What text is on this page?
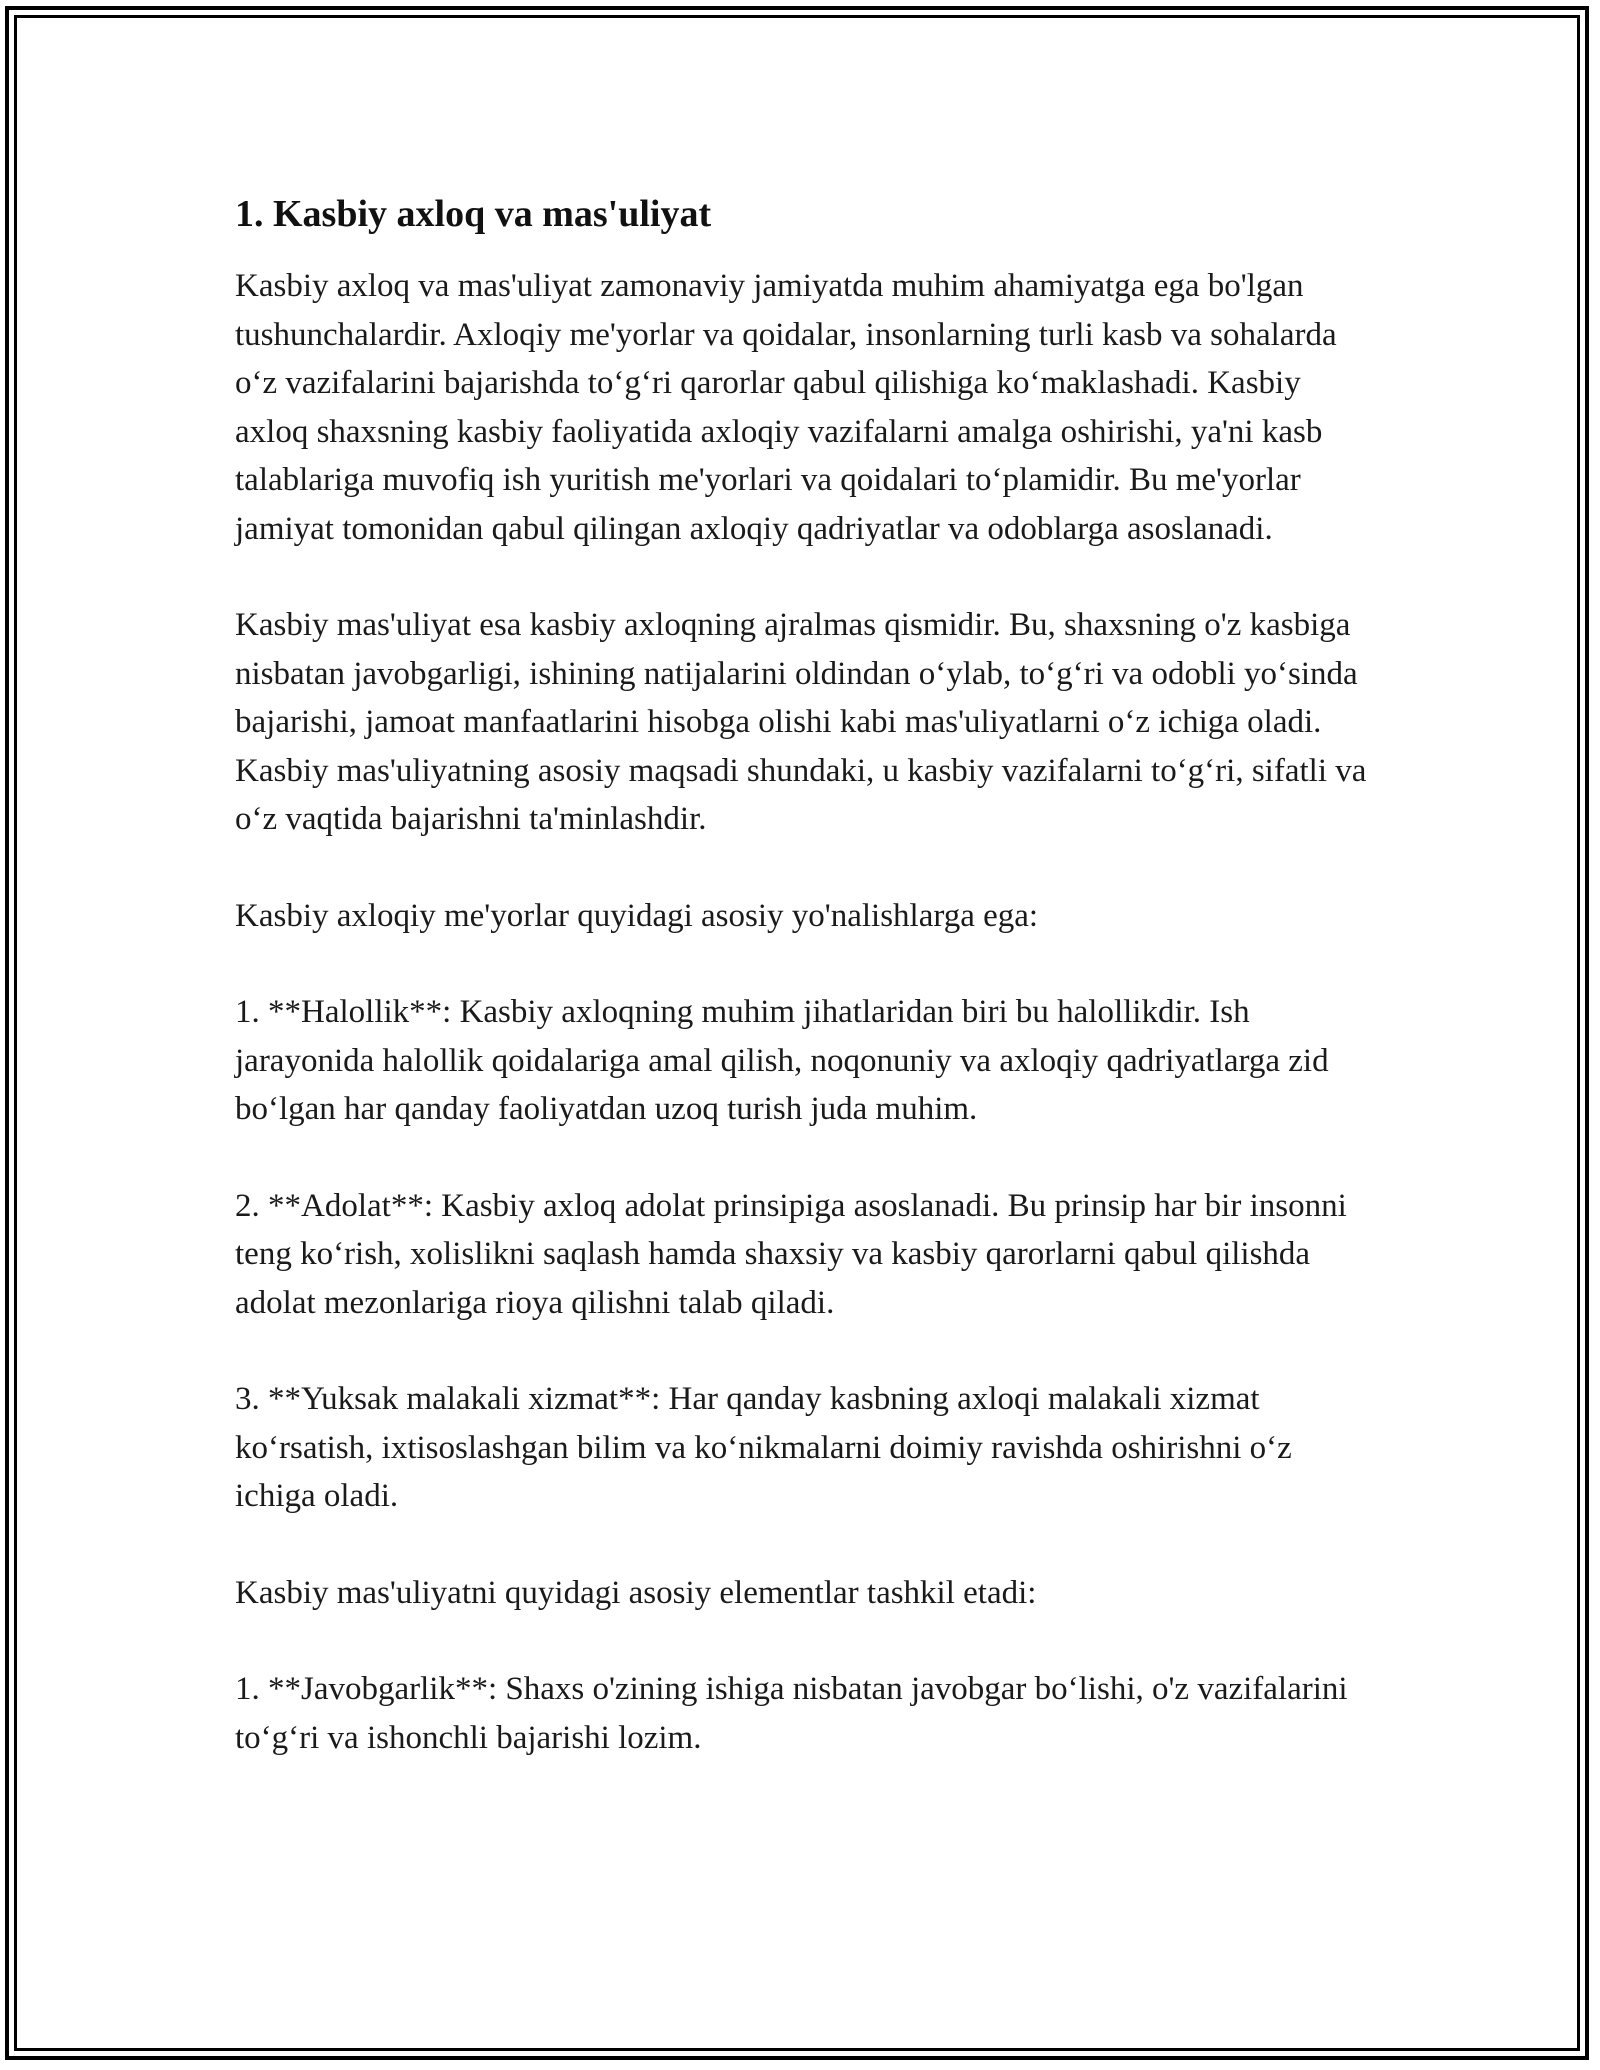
1. Kasbiy axloq va mas'uliyat

Kasbiy axloq va mas'uliyat zamonaviy jamiyatda muhim ahamiyatga ega bo'lgan tushunchalardir. Axloqiy me'yorlar va qoidalar, insonlarning turli kasb va sohalarda o‘z vazifalarini bajarishda to‘g‘ri qarorlar qabul qilishiga ko‘maklashadi. Kasbiy axloq shaxsning kasbiy faoliyatida axloqiy vazifalarni amalga oshirishi, ya'ni kasb talablariga muvofiq ish yuritish me'yorlari va qoidalari to‘plamidir. Bu me'yorlar jamiyat tomonidan qabul qilingan axloqiy qadriyatlar va odoblarga asoslanadi.

Kasbiy mas'uliyat esa kasbiy axloqning ajralmas qismidir. Bu, shaxsning o'z kasbiga nisbatan javobgarligi, ishining natijalarini oldindan o‘ylab, to‘g‘ri va odobli yo‘sinda bajarishi, jamoat manfaatlarini hisobga olishi kabi mas'uliyatlarni o‘z ichiga oladi. Kasbiy mas'uliyatning asosiy maqsadi shundaki, u kasbiy vazifalarni to‘g‘ri, sifatli va o‘z vaqtida bajarishni ta'minlashdir.

Kasbiy axloqiy me'yorlar quyidagi asosiy yo'nalishlarga ega:

1. **Halollik**: Kasbiy axloqning muhim jihatlaridan biri bu halollikdir. Ish jarayonida halollik qoidalariga amal qilish, noqonuniy va axloqiy qadriyatlarga zid bo‘lgan har qanday faoliyatdan uzoq turish juda muhim.

2. **Adolat**: Kasbiy axloq adolat prinsipiga asoslanadi. Bu prinsip har bir insonni teng ko‘rish, xolislikni saqlash hamda shaxsiy va kasbiy qarorlarni qabul qilishda adolat mezonlariga rioya qilishni talab qiladi.

3. **Yuksak malakali xizmat**: Har qanday kasbning axloqi malakali xizmat ko‘rsatish, ixtisoslashgan bilim va ko‘nikmalarni doimiy ravishda oshirishni o‘z ichiga oladi.

Kasbiy mas'uliyatni quyidagi asosiy elementlar tashkil etadi:

1. **Javobgarlik**: Shaxs o'zining ishiga nisbatan javobgar bo‘lishi, o'z vazifalarini to‘g‘ri va ishonchli bajarishi lozim.
